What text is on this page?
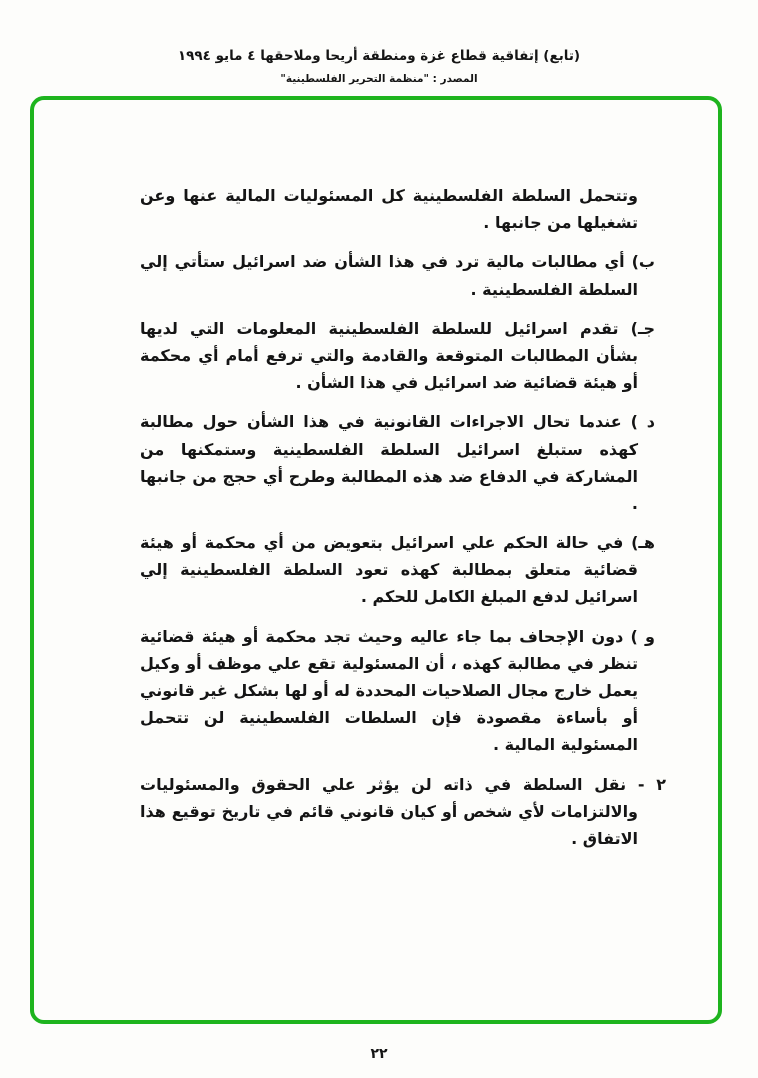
(تابع) إتفاقية قطاع غزة ومنطقة أريحا وملاحقها ٤ مايو ١٩٩٤
المصدر : "منظمة التحرير الفلسطينية"

وتتحمل السلطة الفلسطينية كل المسئوليات المالية عنها وعن تشغيلها من جانبها .

ب) أي مطالبات مالية ترد في هذا الشأن ضد اسرائيل ستأتي إلي السلطة الفلسطينية .

جـ) تقدم اسرائيل للسلطة الفلسطينية المعلومات التي لديها بشأن المطالبات المتوقعة والقادمة والتي ترفع أمام أي محكمة أو هيئة قضائية ضد اسرائيل في هذا الشأن .

د ) عندما تحال الاجراءات القانونية في هذا الشأن حول مطالبة كهذه ستبلغ اسرائيل السلطة الفلسطينية وستمكنها من المشاركة في الدفاع ضد هذه المطالبة وطرح أي حجج من جانبها .

هـ) في حالة الحكم علي اسرائيل بتعويض من أي محكمة أو هيئة قضائية متعلق بمطالبة كهذه تعود السلطة الفلسطينية إلي اسرائيل لدفع المبلغ الكامل للحكم .

و ) دون الإجحاف بما جاء عاليه وحيث تجد محكمة أو هيئة قضائية تنظر في مطالبة كهذه ، أن المسئولية تقع علي موظف أو وكيل يعمل خارج مجال الصلاحيات المحددة له أو لها بشكل غير قانوني أو بأساءة مقصودة فإن السلطات الفلسطينية لن تتحمل المسئولية المالية .

٢ - نقل السلطة في ذاته لن يؤثر علي الحقوق والمسئوليات والالتزامات لأي شخص أو كيان قانوني قائم في تاريخ توقيع هذا الاتفاق .

٢٢
